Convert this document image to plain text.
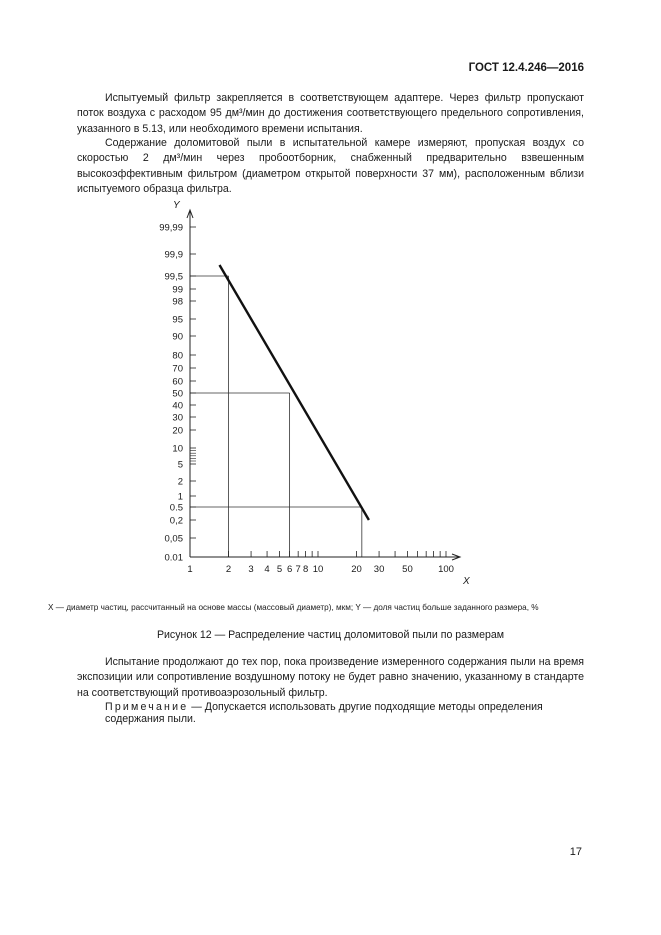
ГОСТ 12.4.246—2016

Испытуемый фильтр закрепляется в соответствующем адаптере. Через фильтр пропускают поток воздуха с расходом 95 дм³/мин до достижения соответствующего предельного сопротивления, указанного в 5.13, или необходимого времени испытания.

Содержание доломитовой пыли в испытательной камере измеряют, пропуская воздух со скоростью 2 дм³/мин через пробоотборник, снабженный предварительно взвешенным высокоэффективным фильтром (диаметром открытой поверхности 37 мм), расположенным вблизи испытуемого образца фильтра.

Y
X
99,99
99,9
99,5
99
98
95
90
80
70
60
50
40
30
20
10
5
2
1
0.5
0,2
0,05
0.01
1	2 3 4 5 6 7 8 10	20 30 50	100
X — диаметр частиц, рассчитанный на основе массы (массовый диаметр), мкм; Y — доля частиц больше заданного размера, %
Рисунок 12 — Распределение частиц доломитовой пыли по размерам

Испытание продолжают до тех пор, пока произведение измеренного содержания пыли на время экспозиции или сопротивление воздушному потоку не будет равно значению, указанному в стандарте на соответствующий противоаэрозольный фильтр.

Примечание — Допускается использовать другие подходящие методы определения содержания пыли.
17
